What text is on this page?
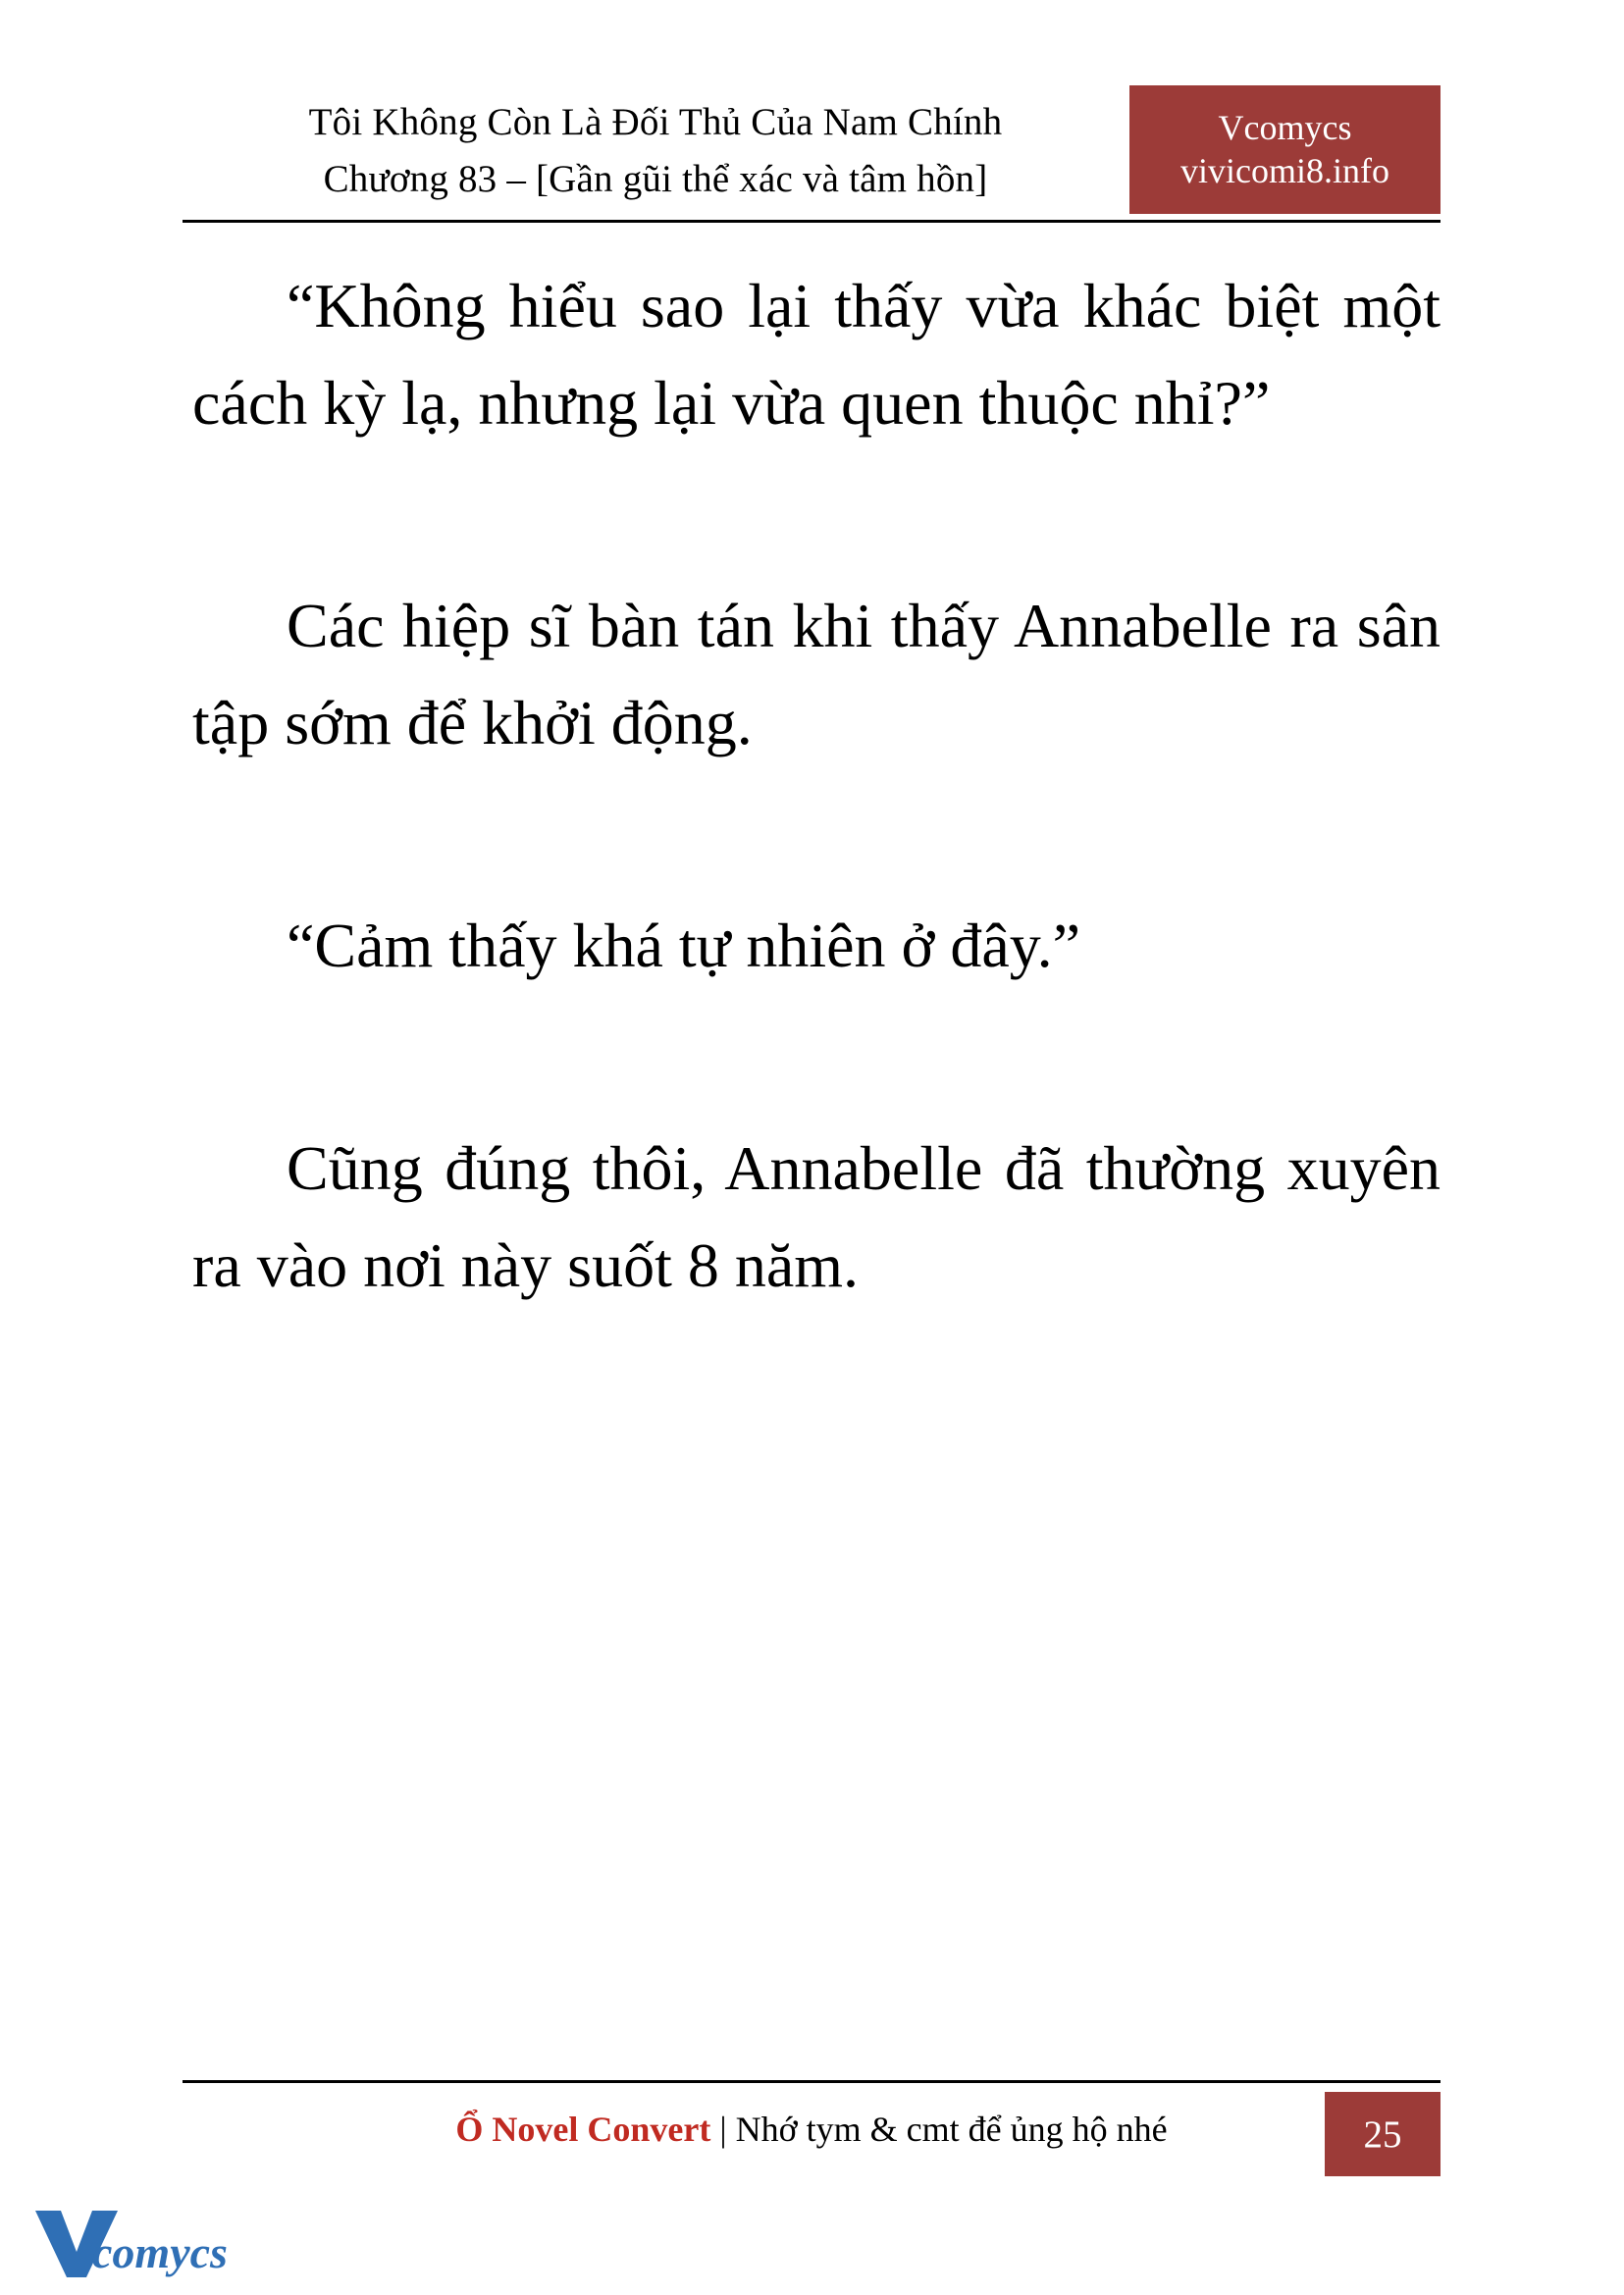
Tôi Không Còn Là Đối Thủ Của Nam Chính
Chương 83 – [Gần gũi thể xác và tâm hồn]
Vcomycs
vivicomi8.info

“Không hiểu sao lại thấy vừa khác biệt một cách kỳ lạ, nhưng lại vừa quen thuộc nhỉ?”

Các hiệp sĩ bàn tán khi thấy Annabelle ra sân tập sớm để khởi động.

“Cảm thấy khá tự nhiên ở đây.”

Cũng đúng thôi, Annabelle đã thường xuyên ra vào nơi này suốt 8 năm.

Ổ Novel Convert | Nhớ tym & cmt để ủng hộ nhé	25
comycs
